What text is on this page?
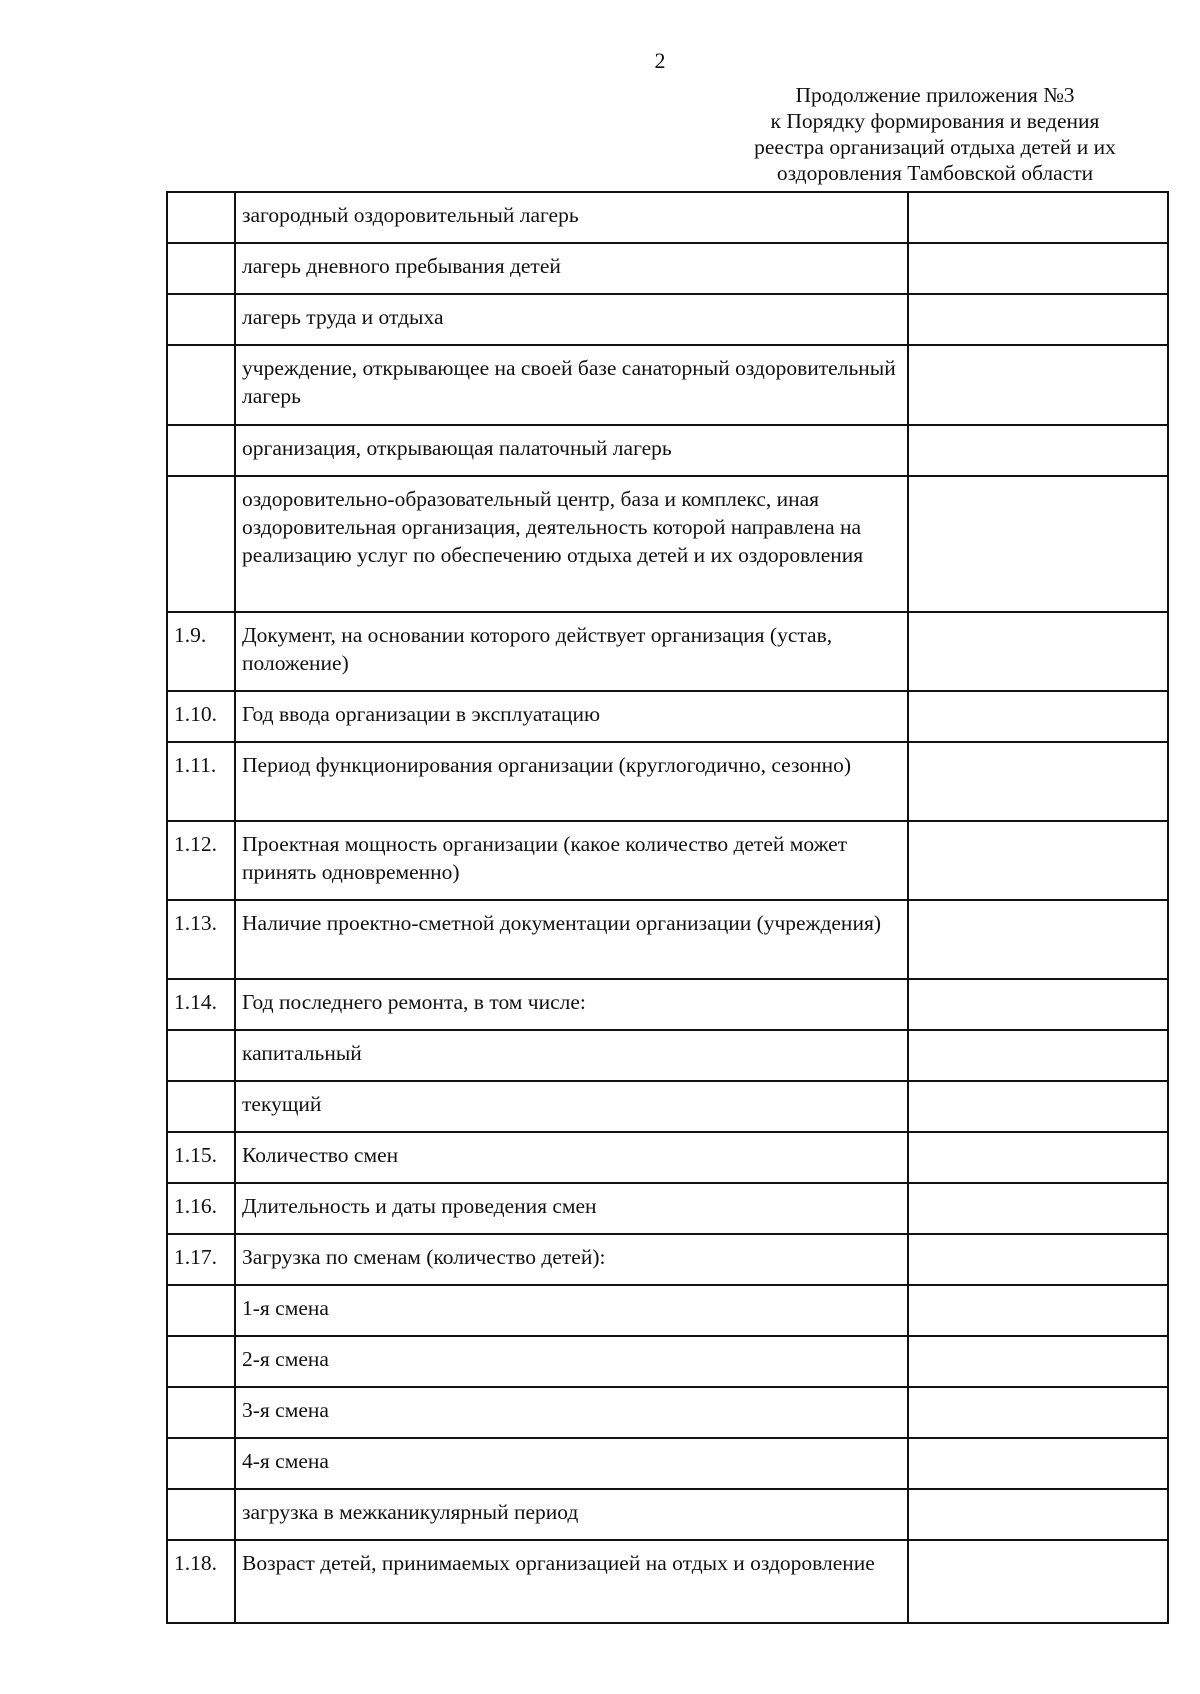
2
Продолжение приложения №3
к Порядку формирования и ведения
реестра организаций отдыха детей и их
оздоровления Тамбовской области
	загородный оздоровительный лагерь	
	лагерь дневного пребывания детей	
	лагерь труда и отдыха	
	учреждение, открывающее на своей базе санаторный оздоровительный лагерь	
	организация, открывающая палаточный лагерь	
	оздоровительно-образовательный центр, база и комплекс, иная оздоровительная организация, деятельность которой направлена на реализацию услуг по обеспечению отдыха детей и их оздоровления	
1.9.	Документ, на основании которого действует организация (устав, положение)	
1.10.	Год ввода организации в эксплуатацию	
1.11.	Период функционирования организации (круглогодично, сезонно)	
1.12.	Проектная мощность организации (какое количество детей может принять одновременно)	
1.13.	Наличие проектно-сметной документации организации (учреждения)	
1.14.	Год последнего ремонта, в том числе:	
	капитальный	
	текущий	
1.15.	Количество смен	
1.16.	Длительность и даты проведения смен	
1.17.	Загрузка по сменам (количество детей):	
	1-я смена	
	2-я смена	
	3-я смена	
	4-я смена	
	загрузка в межканикулярный период	
1.18.	Возраст детей, принимаемых организацией на отдых и оздоровление	
